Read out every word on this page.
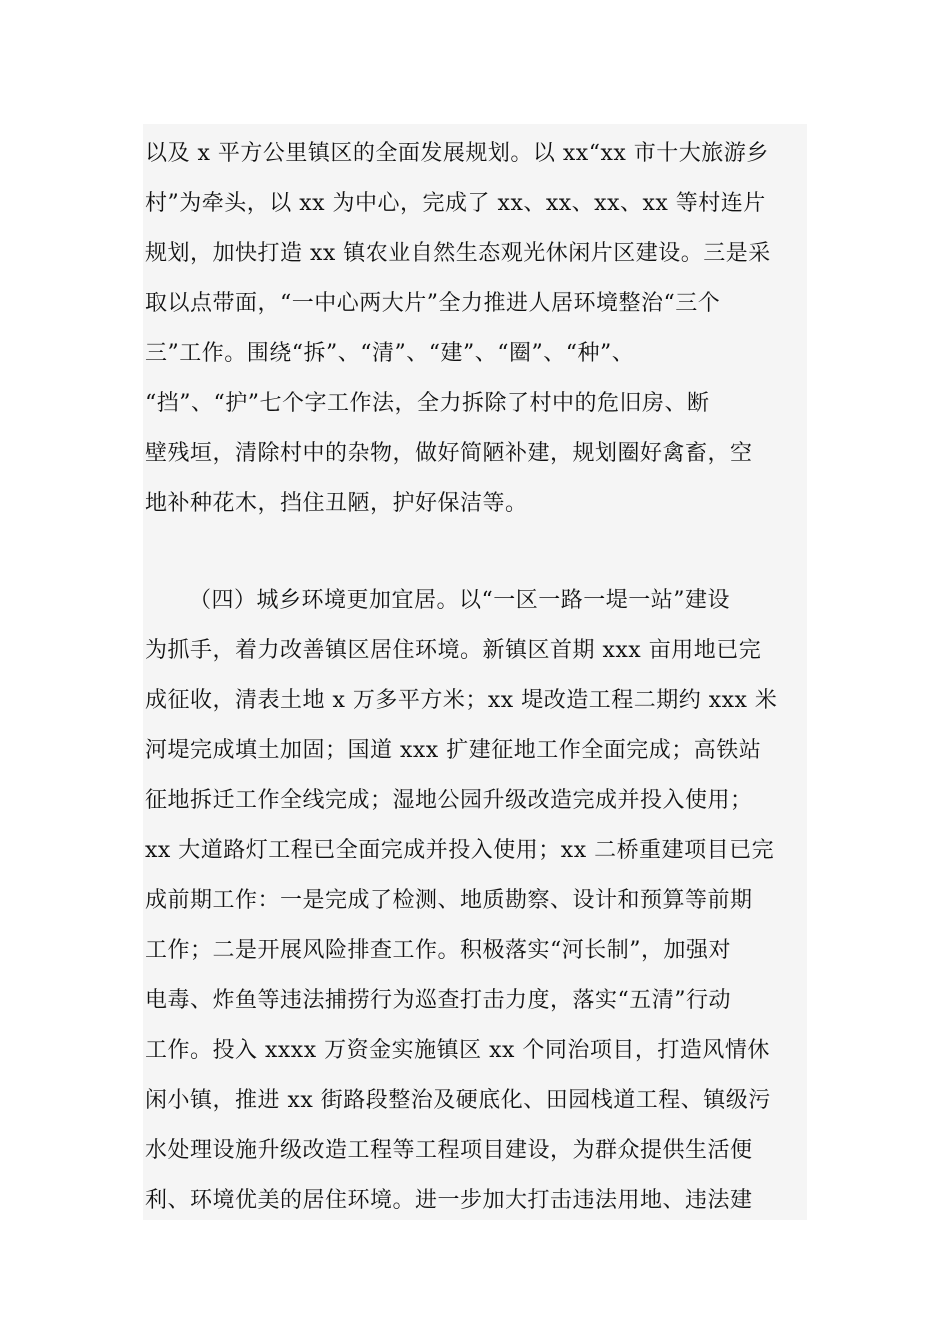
以及 x 平方公里镇区的全面发展规划。以 xx“xx 市十大旅游乡
村”为牵头，以 xx 为中心，完成了 xx、xx、xx、xx 等村连片
规划，加快打造 xx 镇农业自然生态观光休闲片区建设。三是采
取以点带面，“一中心两大片”全力推进人居环境整治“三个
三”工作。围绕“拆”、“清”、“建”、“圈”、“种”、
“挡”、“护”七个字工作法，全力拆除了村中的危旧房、断
壁残垣，清除村中的杂物，做好简陋补建，规划圈好禽畜，空
地补种花木，挡住丑陋，护好保洁等。
（四）城乡环境更加宜居。以“一区一路一堤一站”建设
为抓手，着力改善镇区居住环境。新镇区首期 xxx 亩用地已完
成征收，清表土地 x 万多平方米；xx 堤改造工程二期约 xxx 米
河堤完成填土加固；国道 xxx 扩建征地工作全面完成；高铁站
征地拆迁工作全线完成；湿地公园升级改造完成并投入使用；
xx 大道路灯工程已全面完成并投入使用；xx 二桥重建项目已完
成前期工作：一是完成了检测、地质勘察、设计和预算等前期
工作；二是开展风险排查工作。积极落实“河长制”，加强对
电毒、炸鱼等违法捕捞行为巡查打击力度，落实“五清”行动
工作。投入 xxxx 万资金实施镇区 xx 个同治项目，打造风情休
闲小镇，推进 xx 街路段整治及硬底化、田园栈道工程、镇级污
水处理设施升级改造工程等工程项目建设，为群众提供生活便
利、环境优美的居住环境。进一步加大打击违法用地、违法建
